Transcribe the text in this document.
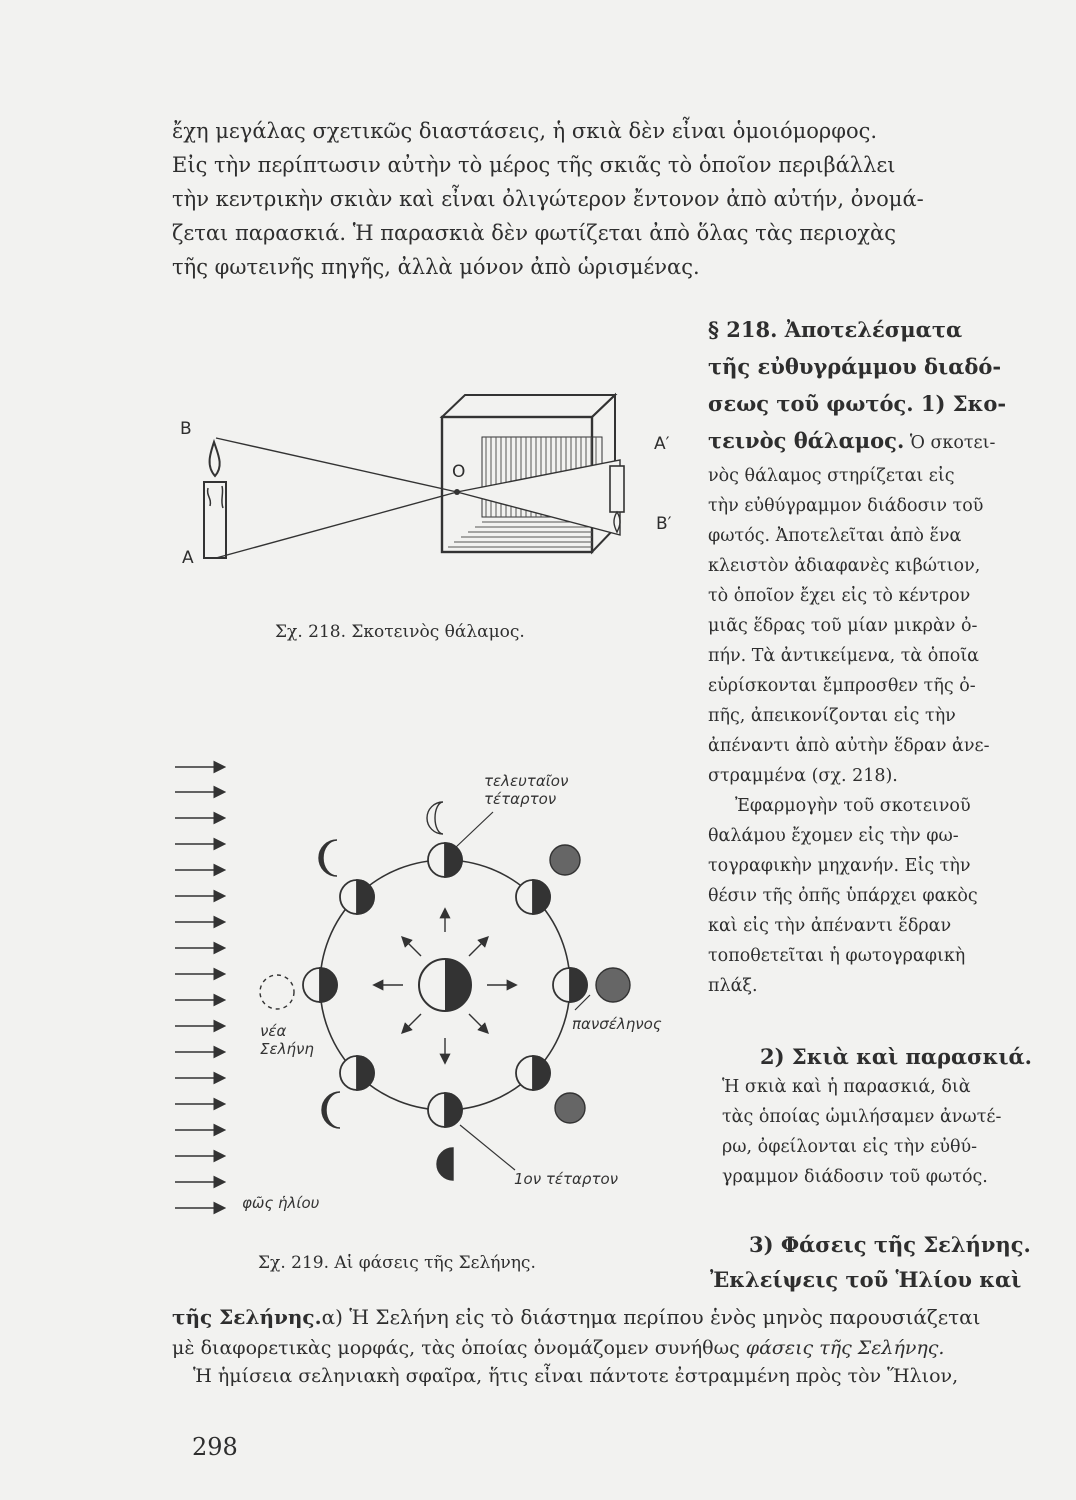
ἔχη μεγάλας σχετικῶς διαστάσεις, ἡ σκιὰ δὲν εἶναι ὁμοιόμορφος.
Εἰς τὴν περίπτωσιν αὐτὴν τὸ μέρος τῆς σκιᾶς τὸ ὁποῖον περιβάλλει
τὴν κεντρικὴν σκιὰν καὶ εἶναι ὀλιγώτερον ἔντονον ἀπὸ αὐτήν, ὀνομά-
ζεται παρασκιά. Ἡ παρασκιὰ δὲν φωτίζεται ἀπὸ ὅλας τὰς περιοχὰς
τῆς φωτεινῆς πηγῆς, ἀλλὰ μόνον ἀπὸ ὡρισμένας.
§ 218. Ἀποτελέσματα
τῆς εὐθυγράμμου διαδό-
σεως τοῦ φωτός. 1) Σκο-
τεινὸς θάλαμος. Ὁ σκοτει-
νὸς θάλαμος στηρίζεται εἰς
τὴν εὐθύγραμμον διάδοσιν τοῦ
φωτός. Ἀποτελεῖται ἀπὸ ἕνα
κλειστὸν ἀδιαφανὲς κιβώτιον,
τὸ ὁποῖον ἔχει εἰς τὸ κέντρον
μιᾶς ἕδρας τοῦ μίαν μικρὰν ὀ-
πήν. Τὰ ἀντικείμενα, τὰ ὁποῖα
εὑρίσκονται ἔμπροσθεν τῆς ὀ-
πῆς, ἀπεικονίζονται εἰς τὴν
ἀπέναντι ἀπὸ αὐτὴν ἕδραν ἀνε-
στραμμένα (σχ. 218).
Ἐφαρμογὴν τοῦ σκοτεινοῦ
θαλάμου ἔχομεν εἰς τὴν φω-
τογραφικὴν μηχανήν. Εἰς τὴν
θέσιν τῆς ὀπῆς ὑπάρχει φακὸς
καὶ εἰς τὴν ἀπέναντι ἕδραν
τοποθετεῖται ἡ φωτογραφικὴ
πλάξ.
2) Σκιὰ καὶ παρασκιά.
Ἡ σκιὰ καὶ ἡ παρασκιά, διὰ
τὰς ὁποίας ὡμιλήσαμεν ἀνωτέ-
ρω, ὀφείλονται εἰς τὴν εὐθύ-
γραμμον διάδοσιν τοῦ φωτός.
3) Φάσεις τῆς Σελήνης.
Ἐκλείψεις τοῦ Ἡλίου καὶ
τῆς Σελήνης.α) Ἡ Σελήνη εἰς τὸ διάστημα περίπου ἑνὸς μηνὸς παρουσιάζεται
μὲ διαφορετικὰς μορφάς, τὰς ὁποίας ὀνομάζομεν συνήθως φάσεις τῆς Σελήνης.
Ἡ ἡμίσεια σεληνιακὴ σφαῖρα, ἥτις εἶναι πάντοτε ἐστραμμένη πρὸς τὸν Ἥλιον,
B
A
O
A′
B′
Σχ. 218. Σκοτεινὸς θάλαμος.
τελευταῖον
τέταρτον
πανσέληνος
νέα
Σελήνη
1ον τέταρτον
φῶς ἡλίου
Σχ. 219. Αἱ φάσεις τῆς Σελήνης.
298
